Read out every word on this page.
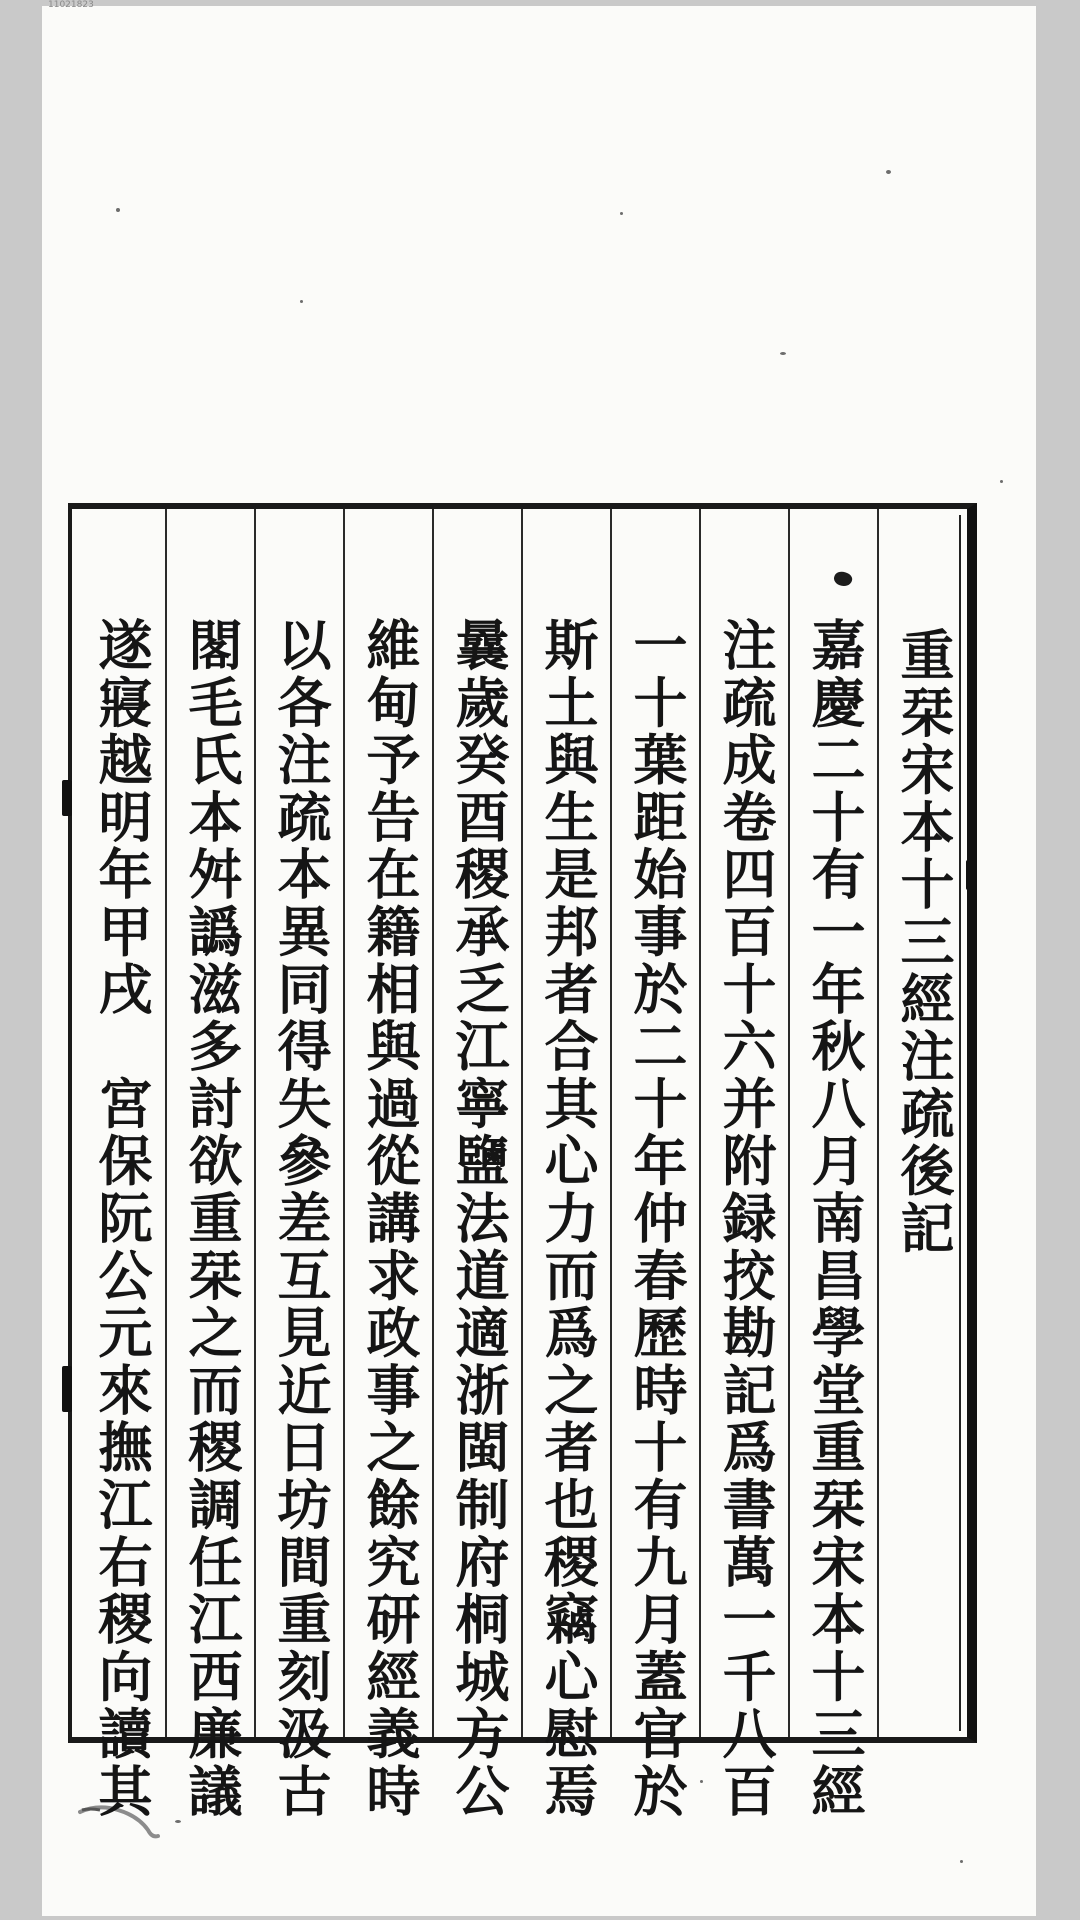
11021823
重栞宋本十三經注疏後記
嘉慶二十有一年秋八月南昌學堂重栞宋本十三經
注疏成卷四百十六并附録挍勘記爲書萬一千八百
一十葉距始事於二十年仲春歷時十有九月蓋官於
斯土與生是邦者合其心力而爲之者也稷竊心慰焉
曩歲癸酉稷承乏江寧鹽法道適浙閩制府桐城方公
維甸予告在籍相與過從講求政事之餘究研經義時
以各注疏本異同得失參差互見近日坊間重刻汲古
閣毛氏本舛譌滋多討欲重栞之而稷調任江西廉議
遂寢越明年甲戌　宮保阮公元來撫江右稷向讀其
